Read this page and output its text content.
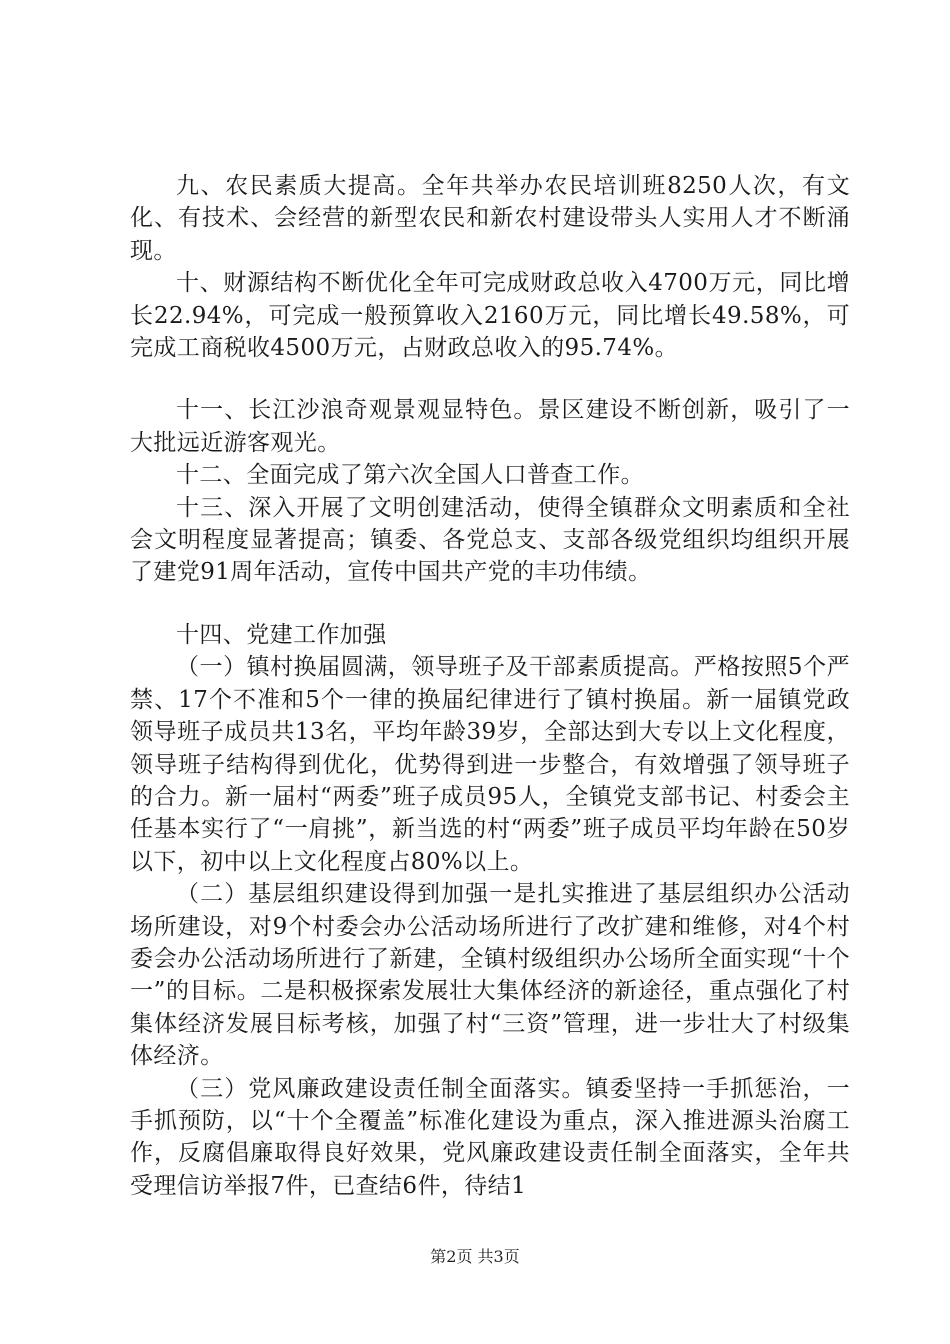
九、农民素质大提高。全年共举办农民培训班8250人次，有文化、有技术、会经营的新型农民和新农村建设带头人实用人才不断涌现。

十、财源结构不断优化全年可完成财政总收入4700万元，同比增长22.94%，可完成一般预算收入2160万元，同比增长49.58%，可完成工商税收4500万元，占财政总收入的95.74%。

十一、长江沙浪奇观景观显特色。景区建设不断创新，吸引了一大批远近游客观光。

十二、全面完成了第六次全国人口普查工作。

十三、深入开展了文明创建活动，使得全镇群众文明素质和全社会文明程度显著提高；镇委、各党总支、支部各级党组织均组织开展了建党91周年活动，宣传中国共产党的丰功伟绩。

十四、党建工作加强

（一）镇村换届圆满，领导班子及干部素质提高。严格按照5个严禁、17个不准和5个一律的换届纪律进行了镇村换届。新一届镇党政领导班子成员共13名，平均年龄39岁，全部达到大专以上文化程度，领导班子结构得到优化，优势得到进一步整合，有效增强了领导班子的合力。新一届村“两委”班子成员95人，全镇党支部书记、村委会主任基本实行了“一肩挑”，新当选的村“两委”班子成员平均年龄在50岁以下，初中以上文化程度占80%以上。

（二）基层组织建设得到加强一是扎实推进了基层组织办公活动场所建设，对9个村委会办公活动场所进行了改扩建和维修，对4个村委会办公活动场所进行了新建，全镇村级组织办公场所全面实现“十个一”的目标。二是积极探索发展壮大集体经济的新途径，重点强化了村集体经济发展目标考核，加强了村“三资”管理，进一步壮大了村级集体经济。

（三）党风廉政建设责任制全面落实。镇委坚持一手抓惩治，一手抓预防，以“十个全覆盖”标准化建设为重点，深入推进源头治腐工作，反腐倡廉取得良好效果，党风廉政建设责任制全面落实，全年共受理信访举报7件，已查结6件，待结1

第2页 共3页
